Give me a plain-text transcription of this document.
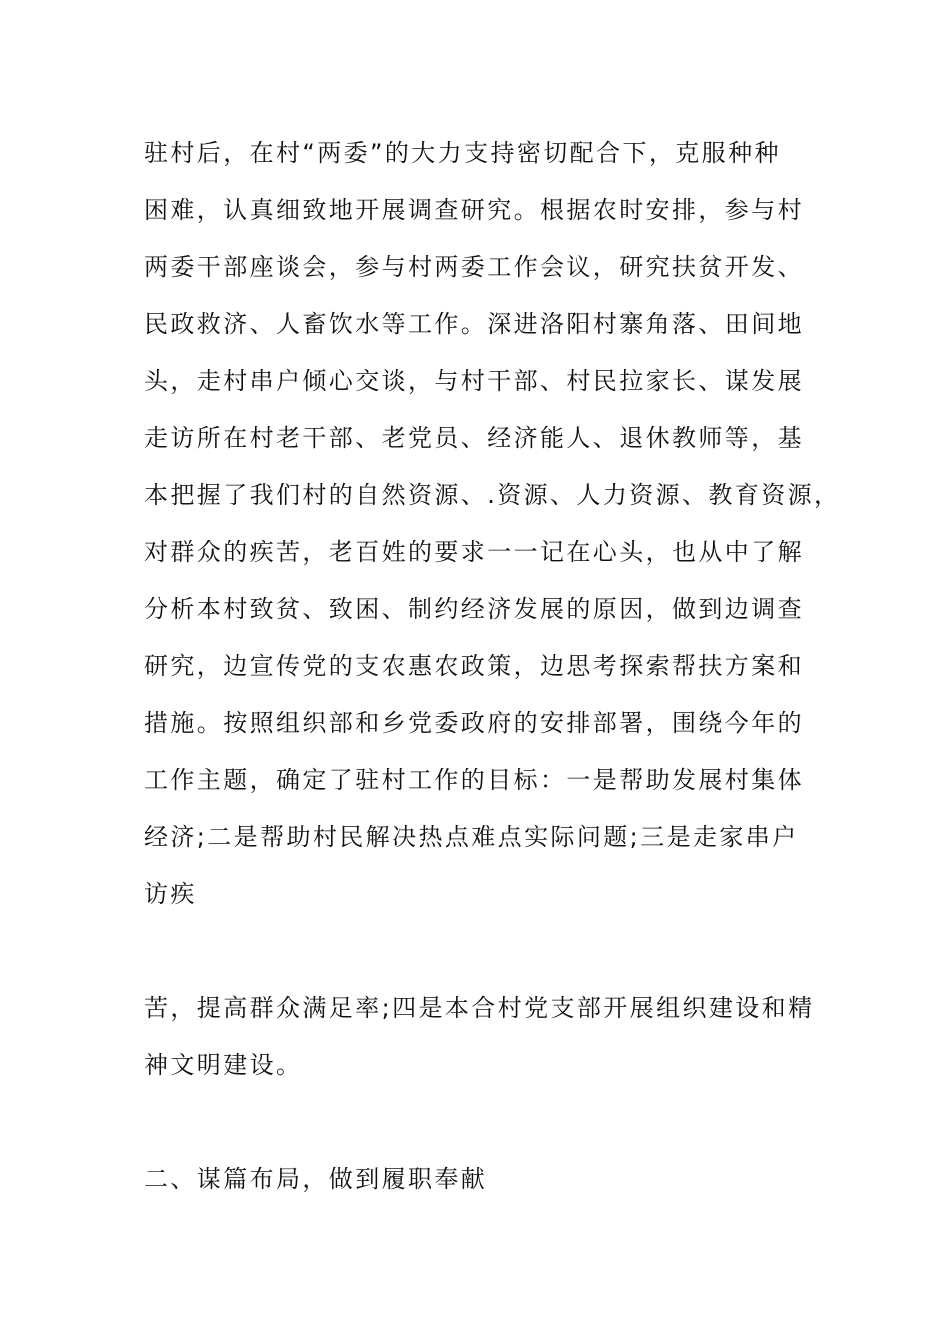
驻村后，在村“两委”的大力支持密切配合下，克服种种
困难，认真细致地开展调查研究。根据农时安排，参与村
两委干部座谈会，参与村两委工作会议，研究扶贫开发、
民政救济、人畜饮水等工作。深进洛阳村寨角落、田间地
头，走村串户倾心交谈，与村干部、村民拉家长、谋发展
走访所在村老干部、老党员、经济能人、退休教师等，基
本把握了我们村的自然资源、.资源、人力资源、教育资源，
对群众的疾苦，老百姓的要求一一记在心头，也从中了解
分析本村致贫、致困、制约经济发展的原因，做到边调查
研究，边宣传党的支农惠农政策，边思考探索帮扶方案和
措施。按照组织部和乡党委政府的安排部署，围绕今年的
工作主题，确定了驻村工作的目标：一是帮助发展村集体
经济;二是帮助村民解决热点难点实际问题;三是走家串户
访疾
苦，提高群众满足率;四是本合村党支部开展组织建设和精
神文明建设。
二、谋篇布局，做到履职奉献
